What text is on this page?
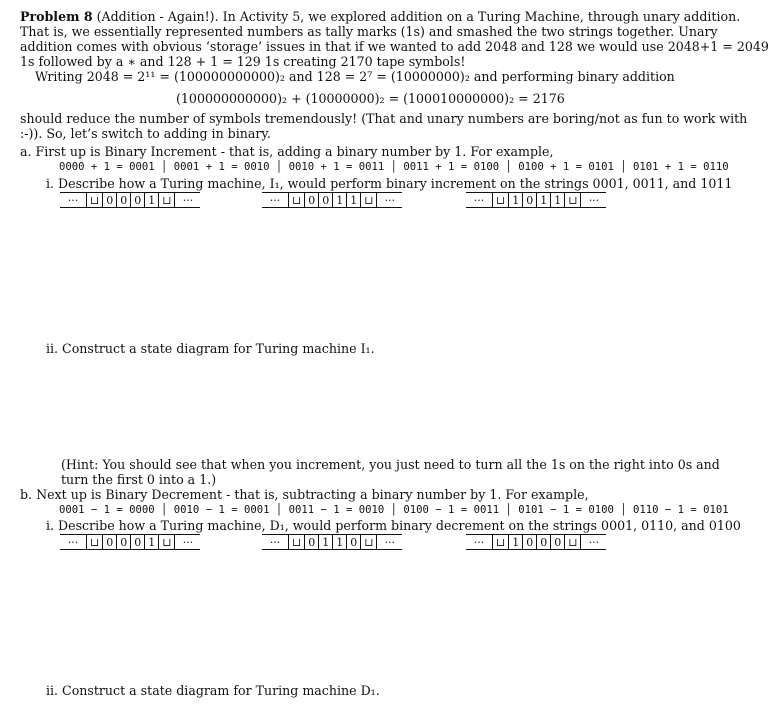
Problem 8 (Addition - Again!). In Activity 5, we explored addition on a Turing Machine, through unary addition.
That is, we essentially represented numbers as tally marks (1s) and smashed the two strings together. Unary
addition comes with obvious ‘storage’ issues in that if we wanted to add 2048 and 128 we would use 2048+1 = 2049
1s followed by a ∗ and 128 + 1 = 129 1s creating 2170 tape symbols!
Writing 2048 = 2¹¹ = (100000000000)₂ and 128 = 2⁷ = (10000000)₂ and performing binary addition
(100000000000)₂ + (10000000)₂ = (100010000000)₂ = 2176
should reduce the number of symbols tremendously! (That and unary numbers are boring/not as fun to work with
:-)). So, let’s switch to adding in binary.
a. First up is Binary Increment - that is, adding a binary number by 1. For example,
0000 + 1 = 0001 │ 0001 + 1 = 0010 │ 0010 + 1 = 0011 │ 0011 + 1 = 0100 │ 0100 + 1 = 0101 │ 0101 + 1 = 0110
i. Describe how a Turing machine, I₁, would perform binary increment on the strings 0001, 0011, and 1011
···	⊔ 0 0 0 1 ⊔	···	···	⊔ 0 0 1 1 ⊔	···	···	⊔ 1 0 1 1 ⊔	···
ii. Construct a state diagram for Turing machine I₁.
(Hint: You should see that when you increment, you just need to turn all the 1s on the right into 0s and
turn the first 0 into a 1.)
b. Next up is Binary Decrement - that is, subtracting a binary number by 1. For example,
0001 − 1 = 0000 │ 0010 − 1 = 0001 │ 0011 − 1 = 0010 │ 0100 − 1 = 0011 │ 0101 − 1 = 0100 │ 0110 − 1 = 0101
i. Describe how a Turing machine, D₁, would perform binary decrement on the strings 0001, 0110, and 0100
···	⊔ 0 0 0 1 ⊔	···	···	⊔ 0 1 1 0 ⊔	···	···	⊔ 1 0 0 0 ⊔	···
ii. Construct a state diagram for Turing machine D₁.
